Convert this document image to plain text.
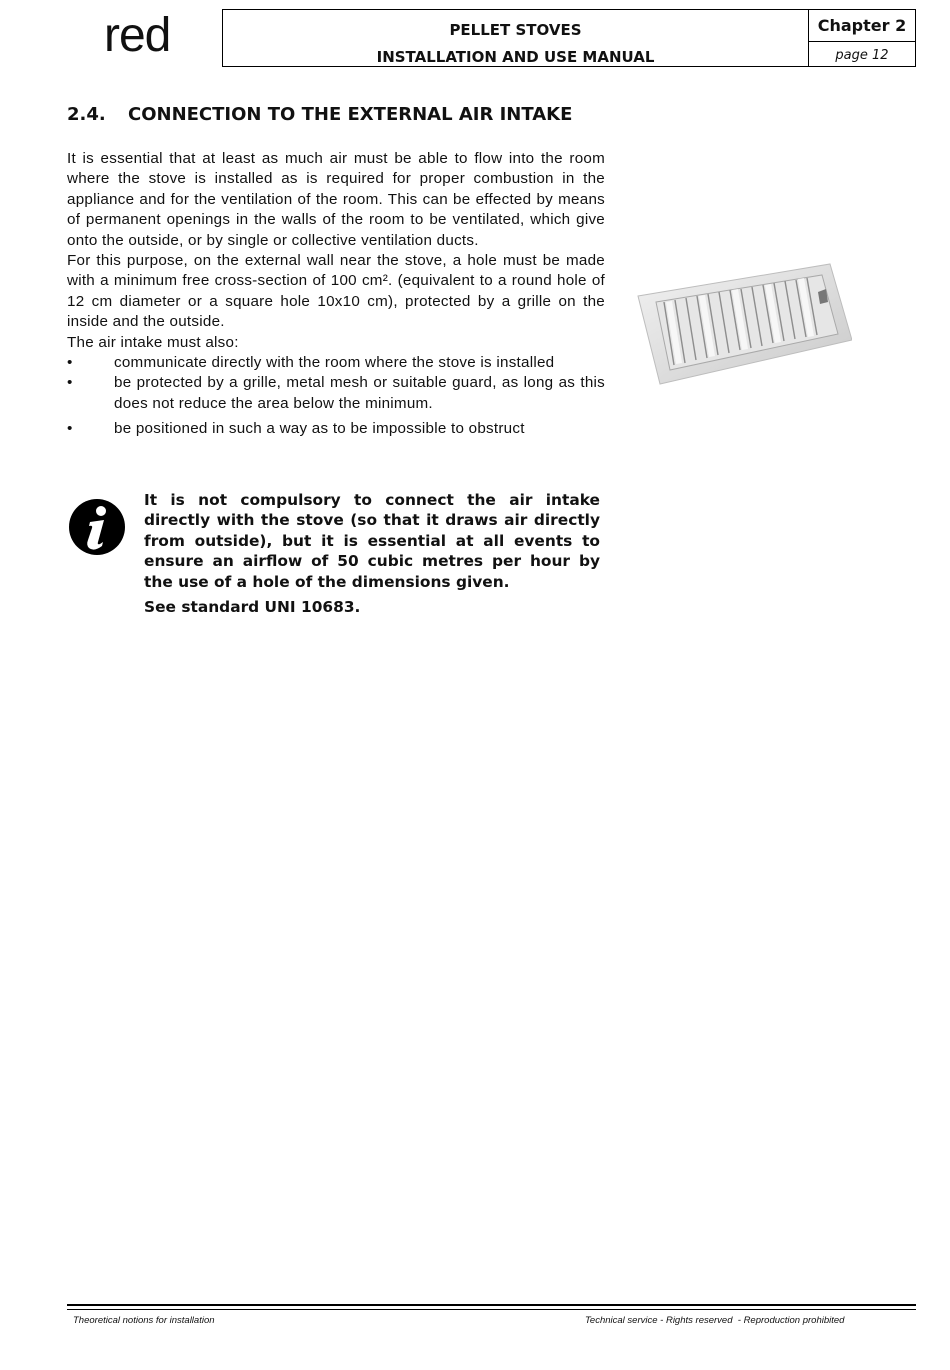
red	PELLET STOVES
INSTALLATION AND USE MANUAL
Chapter 2
page 12
2.4. CONNECTION TO THE EXTERNAL AIR INTAKE

It is essential that at least as much air must be able to flow into the room where the stove is installed as is required for proper combustion in the appliance and for the ventilation of the room. This can be effected by means of permanent openings in the walls of the room to be ventilated, which give onto the outside, or by single or collective ventilation ducts.

For this purpose, on the external wall near the stove, a hole must be made with a minimum free cross-section of 100 cm². (equivalent to a round hole of 12 cm diameter or a square hole 10x10 cm), protected by a grille on the inside and the outside.

The air intake must also:

•	communicate directly with the room where the stove is installed
•	be protected by a grille, metal mesh or suitable guard, as long as this does not reduce the area below the minimum.
•	be positioned in such a way as to be impossible to obstruct

It is not compulsory to connect the air intake directly with the stove (so that it draws air directly from outside), but it is essential at all events to ensure an airflow of 50 cubic metres per hour by the use of a hole of the dimensions given.

See standard UNI 10683.

Theoretical notions for installation	Technical service - Rights reserved  - Reproduction prohibited
